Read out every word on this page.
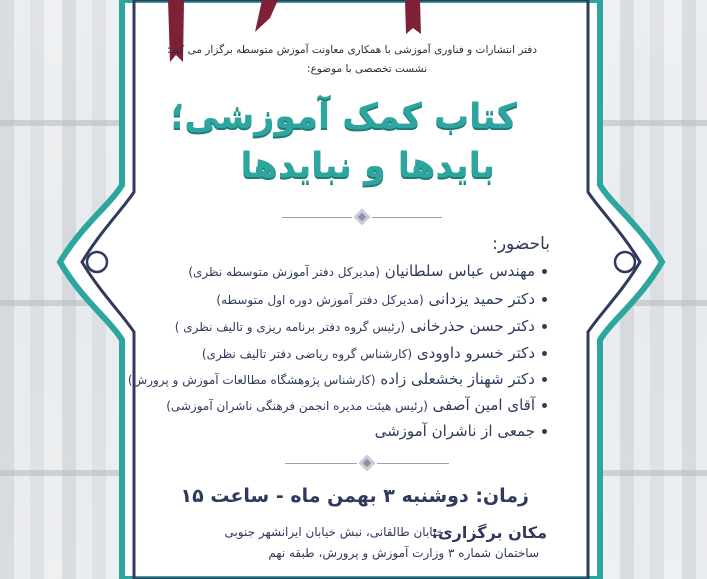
دفتر انتشارات و فناوری آموزشی با همکاری معاونت آموزش متوسطه برگزار می کند:
نشست تخصصی با موضوع:
کتاب کمک آموزشی؛
بایدها و نبایدها
باحضور:
مهندس عباس سلطانیان (مدیرکل دفتر آموزش متوسطه نظری)
دکتر حمید یزدانی (مدیرکل دفتر آموزش دوره اول متوسطه)
دکتر حسن حذرخانی (رئیس گروه دفتر برنامه ریزی و تالیف نظری )
دکتر خسرو داوودی (کارشناس گروه ریاضی دفتر تالیف نظری)
دکتر شهناز بخشعلی زاده (کارشناس پژوهشگاه مطالعات آموزش و پرورش)
آقای امین آصفی (رئیس هیئت مدیره انجمن فرهنگی ناشران آموزشی)
جمعی از ناشران آموزشی
زمان: دوشنبه ۳ بهمن ماه - ساعت ۱۵
مکان برگزاری:
خیابان طالقانی، نبش خیابان ایرانشهر جنوبی
ساختمان شماره ۳ وزارت آموزش و پرورش، طبقه نهم
